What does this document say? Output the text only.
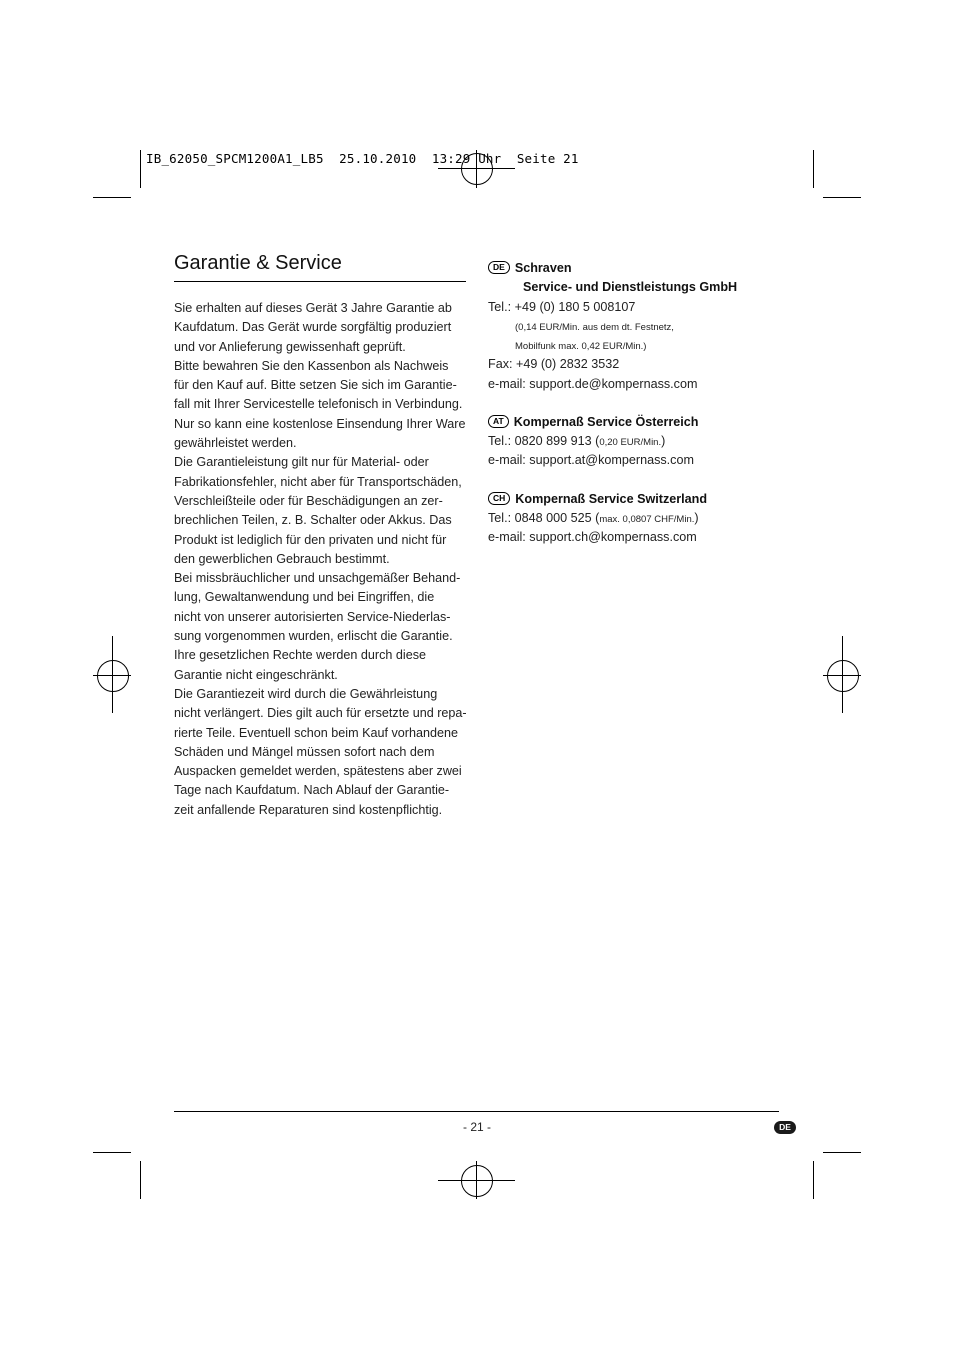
IB_62050_SPCM1200A1_LB5  25.10.2010  13:29 Uhr  Seite 21
Garantie & Service
Sie erhalten auf dieses Gerät 3 Jahre Garantie ab
Kaufdatum. Das Gerät wurde sorgfältig produziert
und vor Anlieferung gewissenhaft geprüft.
Bitte bewahren Sie den Kassenbon als Nachweis
für den Kauf auf. Bitte setzen Sie sich im Garantie-
fall mit Ihrer Servicestelle telefonisch in Verbindung.
Nur so kann eine kostenlose Einsendung Ihrer Ware
gewährleistet werden.
Die Garantieleistung gilt nur für Material- oder
Fabrikationsfehler, nicht aber für Transportschäden,
Verschleißteile oder für Beschädigungen an zer-
brechlichen Teilen, z. B. Schalter oder Akkus. Das
Produkt ist lediglich für den privaten und nicht für
den gewerblichen Gebrauch bestimmt.
Bei missbräuchlicher und unsachgemäßer Behand-
lung, Gewaltanwendung und bei Eingriffen, die
nicht von unserer autorisierten Service-Niederlas-
sung vorgenommen wurden, erlischt die Garantie.
Ihre gesetzlichen Rechte werden durch diese
Garantie nicht eingeschränkt.
Die Garantiezeit wird durch die Gewährleistung
nicht verlängert. Dies gilt auch für ersetzte und repa-
rierte Teile. Eventuell schon beim Kauf vorhandene
Schäden und Mängel müssen sofort nach dem
Auspacken gemeldet werden, spätestens aber zwei
Tage nach Kaufdatum. Nach Ablauf der Garantie-
zeit anfallende Reparaturen sind kostenpflichtig.
DE Schraven
Service- und Dienstleistungs GmbH
Tel.: +49 (0) 180 5 008107
(0,14 EUR/Min. aus dem dt. Festnetz,
Mobilfunk max. 0,42 EUR/Min.)
Fax: +49 (0) 2832 3532
e-mail: support.de@kompernass.com
AT Kompernaß Service Österreich
Tel.: 0820 899 913 (0,20 EUR/Min.)
e-mail: support.at@kompernass.com
CH Kompernaß Service Switzerland
Tel.: 0848 000 525 (max. 0,0807 CHF/Min.)
e-mail: support.ch@kompernass.com
- 21 -	DE
